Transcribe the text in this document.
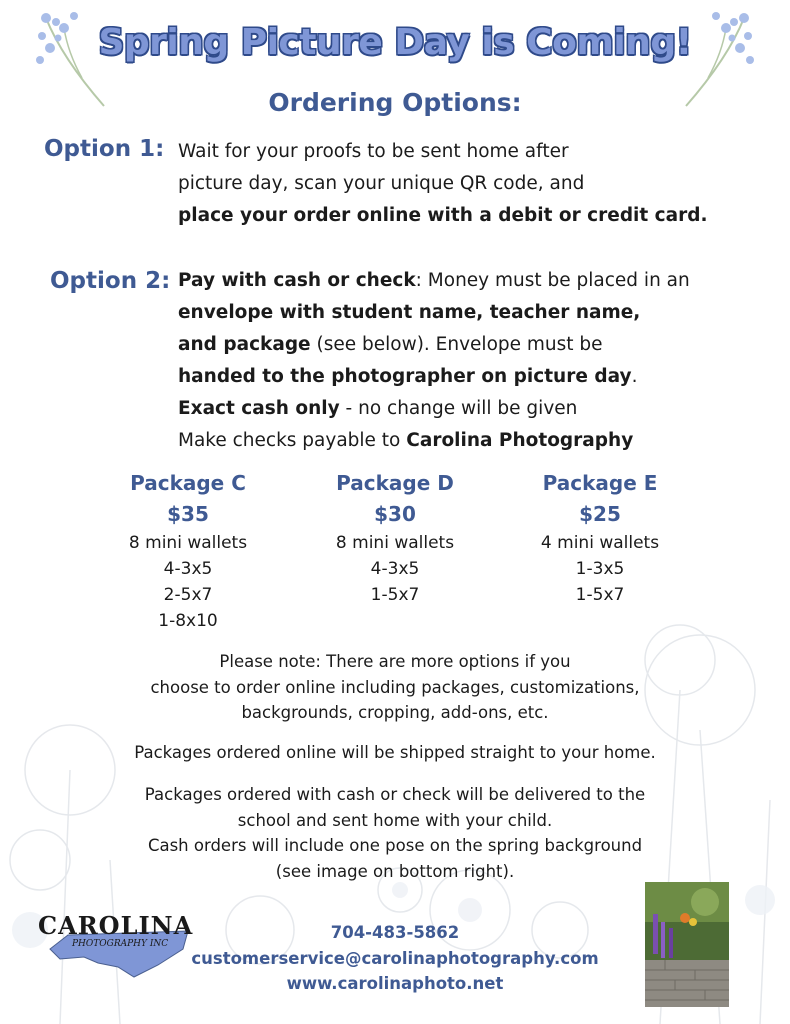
Spring Picture Day is Coming!
Ordering Options:
Option 1: Wait for your proofs to be sent home after
picture day, scan your unique QR code, and
place your order online with a debit or credit card.
Option 2: Pay with cash or check: Money must be placed in an
envelope with student name, teacher name,
and package (see below). Envelope must be
handed to the photographer on picture day.
Exact cash only - no change will be given
Make checks payable to Carolina Photography
Package C
$35
8 mini wallets
4-3x5
2-5x7
1-8x10
Package D
$30
8 mini wallets
4-3x5
1-5x7
Package E
$25
4 mini wallets
1-3x5
1-5x7
Please note: There are more options if you
choose to order online including packages, customizations,
backgrounds, cropping, add-ons, etc.
Packages ordered online will be shipped straight to your home.
Packages ordered with cash or check will be delivered to the
school and sent home with your child.
Cash orders will include one pose on the spring background
(see image on bottom right).
CAROLINA
PHOTOGRAPHY INC
704-483-5862
customerservice@carolinaphotography.com
www.carolinaphoto.net
